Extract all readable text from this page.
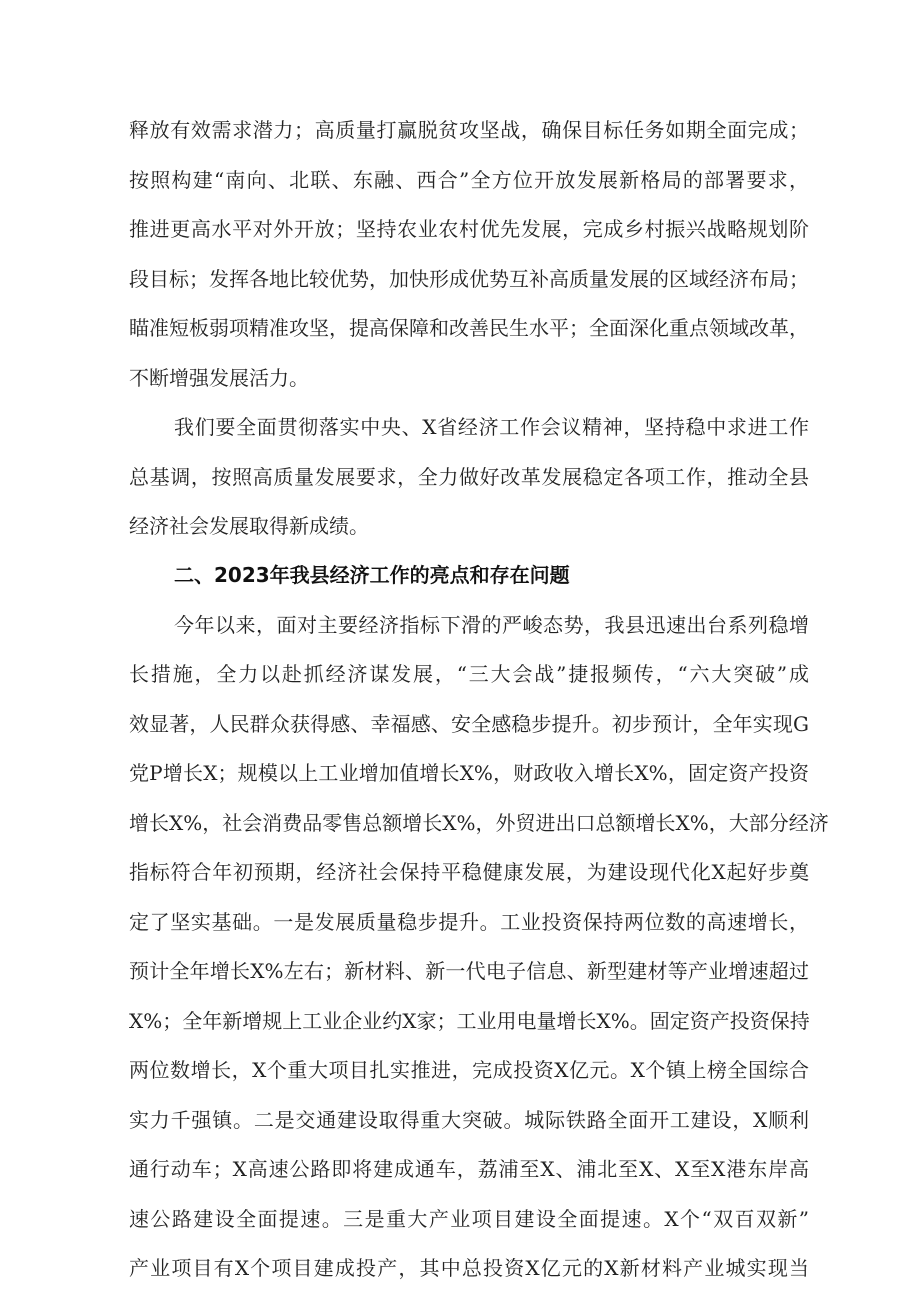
释放有效需求潜力；高质量打赢脱贫攻坚战，确保目标任务如期全面完成；
按照构建“南向、北联、东融、西合”全方位开放发展新格局的部署要求，
推进更高水平对外开放；坚持农业农村优先发展，完成乡村振兴战略规划阶
段目标；发挥各地比较优势，加快形成优势互补高质量发展的区域经济布局；
瞄准短板弱项精准攻坚，提高保障和改善民生水平；全面深化重点领域改革，
不断增强发展活力。
我们要全面贯彻落实中央、X省经济工作会议精神，坚持稳中求进工作
总基调，按照高质量发展要求，全力做好改革发展稳定各项工作，推动全县
经济社会发展取得新成绩。
二、2023年我县经济工作的亮点和存在问题
今年以来，面对主要经济指标下滑的严峻态势，我县迅速出台系列稳增
长措施，全力以赴抓经济谋发展，“三大会战”捷报频传，“六大突破”成
效显著，人民群众获得感、幸福感、安全感稳步提升。初步预计，全年实现G
党P增长X；规模以上工业增加值增长X%，财政收入增长X%，固定资产投资
增长X%，社会消费品零售总额增长X%，外贸进出口总额增长X%，大部分经济
指标符合年初预期，经济社会保持平稳健康发展，为建设现代化X起好步奠
定了坚实基础。一是发展质量稳步提升。工业投资保持两位数的高速增长，
预计全年增长X%左右；新材料、新一代电子信息、新型建材等产业增速超过
X%；全年新增规上工业企业约X家；工业用电量增长X%。固定资产投资保持
两位数增长，X个重大项目扎实推进，完成投资X亿元。X个镇上榜全国综合
实力千强镇。二是交通建设取得重大突破。城际铁路全面开工建设，X顺利
通行动车；X高速公路即将建成通车，荔浦至X、浦北至X、X至X港东岸高
速公路建设全面提速。三是重大产业项目建设全面提速。X个“双百双新”
产业项目有X个项目建成投产，其中总投资X亿元的X新材料产业城实现当
